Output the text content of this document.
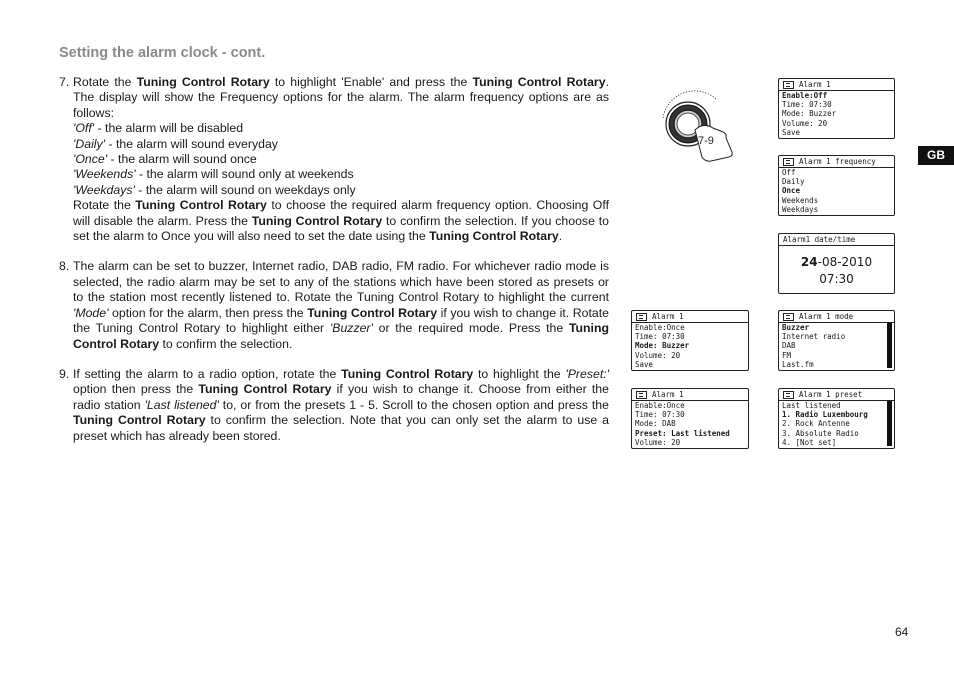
Setting the alarm clock - cont.
7. Rotate the Tuning Control Rotary to highlight 'Enable' and press the Tuning Control Rotary. The display will show the Frequency options for the alarm. The alarm frequency options are as follows:

'Off' - the alarm will be disabled

'Daily' - the alarm will sound everyday

'Once' - the alarm will sound once

'Weekends' - the alarm will sound only at weekends

'Weekdays' - the alarm will sound on weekdays only

Rotate the Tuning Control Rotary to choose the required alarm frequency option. Choosing Off will disable the alarm. Press the Tuning Control Rotary to confirm the selection. If you choose to set the alarm to Once you will also need to set the date using the Tuning Control Rotary.

8. The alarm can be set to buzzer, Internet radio, DAB radio, FM radio. For whichever radio mode is selected, the radio alarm may be set to any of the stations which have been stored as presets or to the station most recently listened to. Rotate the Tuning Control Rotary to highlight the current 'Mode' option for the alarm, then press the Tuning Control Rotary if you wish to change it. Rotate the Tuning Control Rotary to highlight either 'Buzzer' or the required mode. Press the Tuning Control Rotary to confirm the selection.

9. If setting the alarm to a radio option, rotate the Tuning Control Rotary to highlight the 'Preset:' option then press the Tuning Control Rotary if you wish to change it. Choose from either the radio station 'Last listened' to, or from the presets 1 - 5. Scroll to the chosen option and press the Tuning Control Rotary to confirm the selection. Note that you can only set the alarm to use a preset which has already been stored.

7-9
Alarm 1
Enable:Off
Time: 07:30
Mode: Buzzer
Volume: 20
Save
Alarm 1 frequency
Off
Daily
Once
Weekends
Weekdays
Alarm1 date/time
24-08-2010
07:30
Alarm 1
Enable:Once
Time: 07:30
Mode: Buzzer
Volume: 20
Save
Alarm 1 mode
Buzzer
Internet radio
DAB
FM
Last.fm
Alarm 1
Enable:Once
Time: 07:30
Mode: DAB
Preset: Last listened
Volume: 20
Alarm 1 preset
Last listened
1. Radio Luxembourg
2. Rock Antenne
3. Absolute Radio
4. [Not set]
GB
64
